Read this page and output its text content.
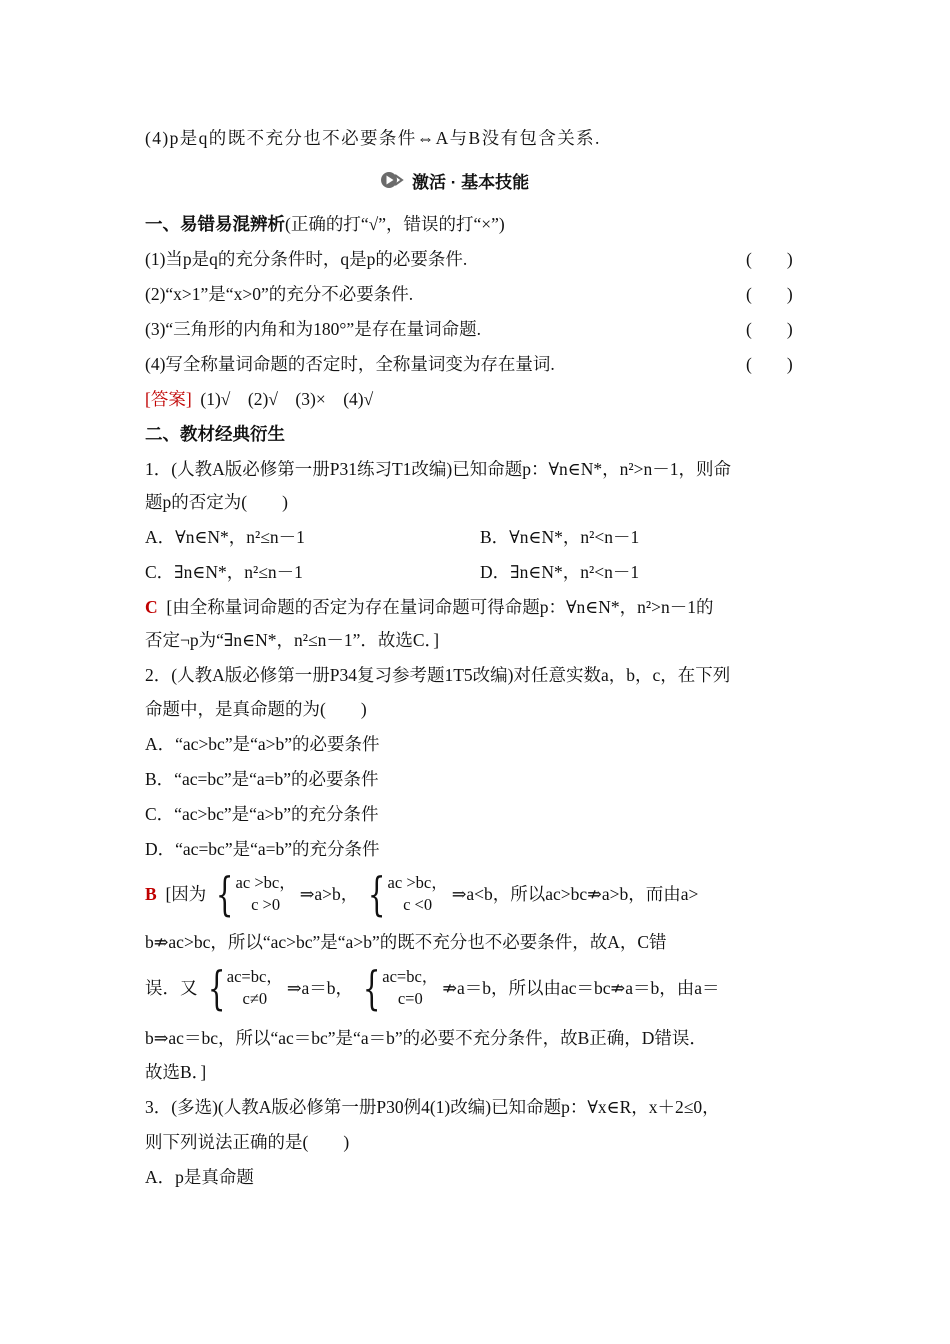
(4)p是q的既不充分也不必要条件⇔A与B没有包含关系.
激活 · 基本技能
一、易错易混辨析(正确的打“√”，错误的打“×”)
(1)当p是q的充分条件时，q是p的必要条件.	(　　)
(2)“x>1”是“x>0”的充分不必要条件.	(　　)
(3)“三角形的内角和为180°”是存在量词命题.	(　　)
(4)写全称量词命题的否定时，全称量词变为存在量词.	(　　)
[答案] (1)√　(2)√　(3)×　(4)√
二、教材经典衍生
1．(人教A版必修第一册P31练习T1改编)已知命题p：∀n∈N*，n²>n－1，则命
题p的否定为(　　)
A．∀n∈N*，n²≤n－1	B．∀n∈N*，n²<n－1
C．∃n∈N*，n²≤n－1	D．∃n∈N*，n²<n－1
C [由全称量词命题的否定为存在量词命题可得命题p：∀n∈N*，n²>n－1的
否定¬p为“∃n∈N*，n²≤n－1”．故选C．]
2．(人教A版必修第一册P34复习参考题1T5改编)对任意实数a，b，c，在下列
命题中，是真命题的为(　　)
A．“ac>bc”是“a>b”的必要条件
B．“ac=bc”是“a=b”的必要条件
C．“ac>bc”是“a>b”的充分条件
D．“ac=bc”是“a=b”的充分条件
B
[因为 { ac >bc，
c >0
⇒a>b， { ac >bc，
c <0
⇒a<b，所以ac>bc⇏a>b，而由a>
b⇏ac>bc，所以“ac>bc”是“a>b”的既不充分也不必要条件，故A，C错
误．又 { ac=bc，
c≠0
⇒a＝b， { ac=bc，
c=0
⇏a＝b，所以由ac＝bc⇏a＝b，由a＝
b⇒ac＝bc，所以“ac＝bc”是“a＝b”的必要不充分条件，故B正确，D错误．
故选B．]
3．(多选)(人教A版必修第一册P30例4(1)改编)已知命题p：∀x∈R，x＋2≤0，
则下列说法正确的是(　　)
A．p是真命题
